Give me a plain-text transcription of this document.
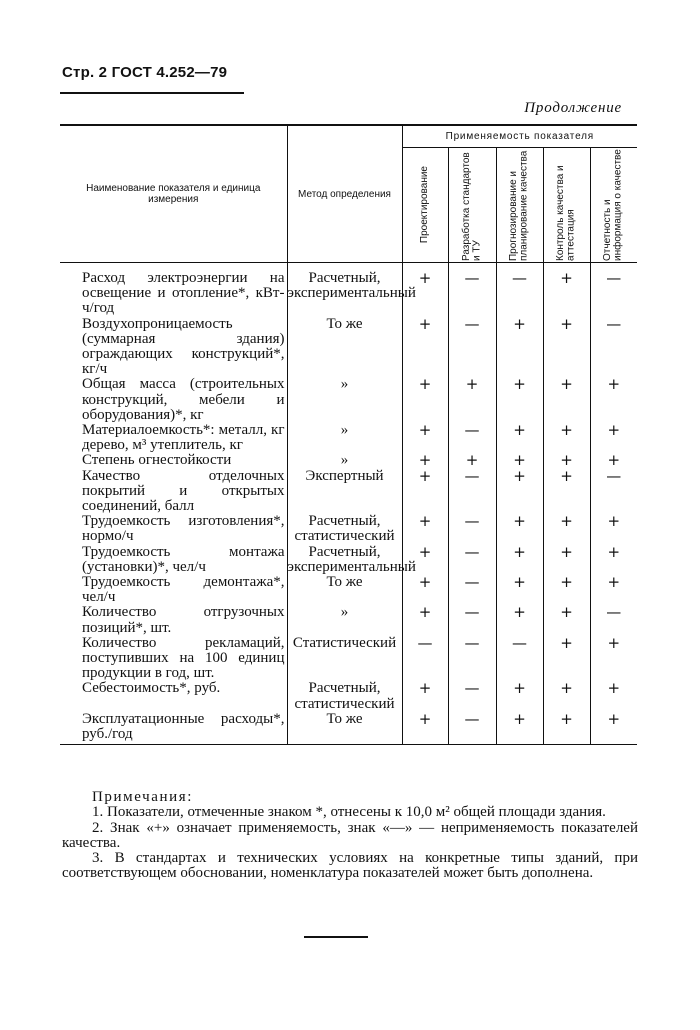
Стр. 2 ГОСТ 4.252—79
Продолжение
Наименование показателя и единица измерения	Метод определения	Применяемость показателя				

		Проектирование	Разработка стандартов и ТУ	Прогнозирование и планирование качества	Контроль качества и аттестация	Отчетность и информация о качестве

Расход электроэнергии на освещение и отопление*, кВт-ч/год	Расчетный, экспериментальный	+	—	—	+	—

Воздухопроницаемость (суммарная здания) ограждающих конструкций*, кг/ч	То же	+	—	+	+	—

Общая масса (строительных конструкций, мебели и оборудования)*, кг	»	+	+	+	+	+

Материалоемкость*: металл, кг дерево, м³ утеплитель, кг	»	+	—	+	+	+

Степень огнестойкости	»	+	+	+	+	+

Качество отделочных покрытий и открытых соединений, балл	Экспертный	+	—	+	+	—

Трудоемкость изготовления*, нормо/ч	Расчетный, статистический	+	—	+	+	+

Трудоемкость монтажа (установки)*, чел/ч	Расчетный, экспериментальный	+	—	+	+	+

Трудоемкость демонтажа*, чел/ч	То же	+	—	+	+	+

Количество отгрузочных позиций*, шт.	»	+	—	+	+	—

Количество рекламаций, поступивших на 100 единиц продукции в год, шт.	Статистический	—	—	—	+	+

Себестоимость*, руб.	Расчетный, статистический	+	—	+	+	+

Эксплуатационные расходы*, руб./год	То же	+	—	+	+	+
Примечания:

1. Показатели, отмеченные знаком *, отнесены к 10,0 м² общей площади здания.

2. Знак «+» означает применяемость, знак «—» — неприменяемость показателей качества.

3. В стандартах и технических условиях на конкретные типы зданий, при соответствующем обосновании, номенклатура показателей может быть дополнена.
